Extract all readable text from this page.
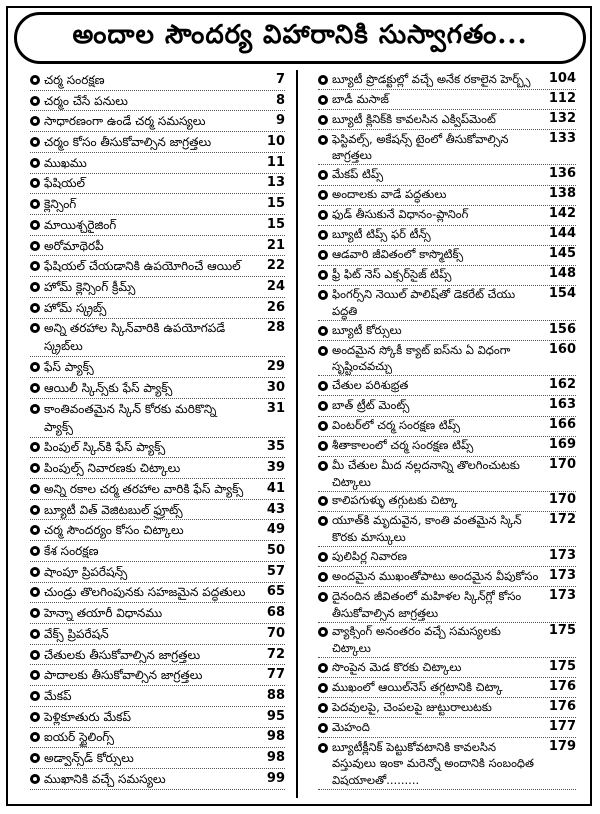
అందాల సౌందర్య విహారానికి సుస్వాగతం...
చర్మ సంరక్షణ	7
చర్మం చేసే పనులు	8
సాధారణంగా ఉండే చర్మ సమస్యలు	9
చర్మం కోసం తీసుకోవాల్సిన జాగ్రత్తలు	10
ముఖము	11
ఫేషియల్	13
క్లెన్సింగ్	15
మాయిశ్చరైజింగ్	15
అరోమాథెరపీ	21
ఫేషియల్ చేయడానికి ఉపయోగించే ఆయిల్	22
హోమ్ క్లెన్సింగ్ క్రీమ్స్	24
హోమ్ స్క్రబ్స్	26
అన్ని తరహాల స్కిన్‌వారికి ఉపయోగపడే స్క్రబ్‌లు
28
ఫేస్ ప్యాక్స్	29
ఆయిలీ స్కిన్స్‌కు ఫేస్ ప్యాక్స్	30
కాంతివంతమైన స్కిన్ కోరకు మరికొన్ని ప్యాక్స్
31
పింపుల్ స్కిన్‌కి ఫేస్ ప్యాక్స్	35
పింపుల్స్ నివారణకు చిట్కాలు	39
అన్ని రకాల చర్మ తరహాల వారికి ఫేస్ ప్యాక్స్	41
బ్యూటీ విత్ వెజిటబుల్ ఫ్రూట్స్	43
చర్మ సౌందర్యం కోసం చిట్కాలు	49
కేశ సంరక్షణ	50
షాంపూ ప్రిపరేషన్స్	57
చుండ్రు తొలగింపునకు సహజమైన పద్ధతులు	65
హెన్నా తయారీ విధానము	68
వేక్స్ ప్రిపరేషన్	70
చేతులకు తీసుకోవాల్సిన జాగ్రత్తలు	72
పాదాలకు తీసుకోవాల్సిన జాగ్రత్తలు	77
మేకప్	88
పెళ్లికూతురు మేకప్	95
ఐయర్ స్టైలింగ్స్	98
అడ్వాన్స్‌డ్ కోర్సులు	98
ముఖానికి వచ్చే సమస్యలు	99
బ్యూటీ ప్రొడక్టుల్లో వచ్చే అనేక రకాలైన హెర్బ్స్	104
బాడీ మసాజ్	112
బ్యూటీ క్లినిక్‌కి కావలసిన ఎక్విప్‌మెంట్	132
ఫెస్టివల్స్, అకేషన్స్ టైంలో తీసుకోవాల్సిన జాగ్రత్తలు
133
మేకప్ టిప్స్	136
అందాలకు వాడే పద్ధతులు	138
ఫుడ్ తీసుకునే విధానం-ప్లానింగ్	142
బ్యూటీ టిప్స్ ఫర్ టీన్స్	144
ఆడవారి జీవితంలో కాస్మొటిక్స్	145
ఫ్రీ ఫిట్ నెస్ ఎక్సర్‌సైజ్ టిప్స్	148
ఫింగర్స్‌ని నెయిల్ పాలిష్‌తో డెకరేట్ చేయు పద్ధతి
154
బ్యూటీ కోర్సులు	156
అందమైన స్కోకీ క్యాట్ ఐస్‌ను ఏ విధంగా సృష్టించవచ్చు
160
చేతుల పరిశుభ్రత	162
బాత్ ట్రీట్ మెంట్స్	163
వింటర్‌లో చర్మ సంరక్షణ టిప్స్	166
శీతాకాలంలో చర్మ సంరక్షణ టిప్స్	169
మీ చేతుల మీద నల్లదనాన్ని తొలగించుటకు చిట్కాలు
170
కాలిపగుళ్ళు తగ్గుటకు చిట్కా	170
యూత్‌కి మృదువైన, కాంతి వంతమైన స్కిన్ కొరకు మాస్కులు
172
పులిపిర్ల నివారణ	173
అందమైన ముఖంతోపాటు అందమైన వీపుకోసం 173
దైనందిన జీవితంలో మహిళల స్కిన్‌గ్లో కోసం తీసుకోవాల్సిన జాగ్రత్తలు
173
వ్యాక్సింగ్ అనంతరం వచ్చే సమస్యలకు చిట్కాలు
175
సొంపైన మెడ కొరకు చిట్కాలు	175
ముఖంలో ఆయిల్‌నెస్ తగ్గటానికి చిట్కా	176
పెదవులపై, చెంపలపై జుట్టురాలుటకు	176
మెహంది	177
బ్యూటీక్లీనిక్ పెట్టుకోవటానికి కావలసిన వస్తువులు ఇంకా మరెన్నో అందానికి సంబంధిత విషయాలతో.........
179
